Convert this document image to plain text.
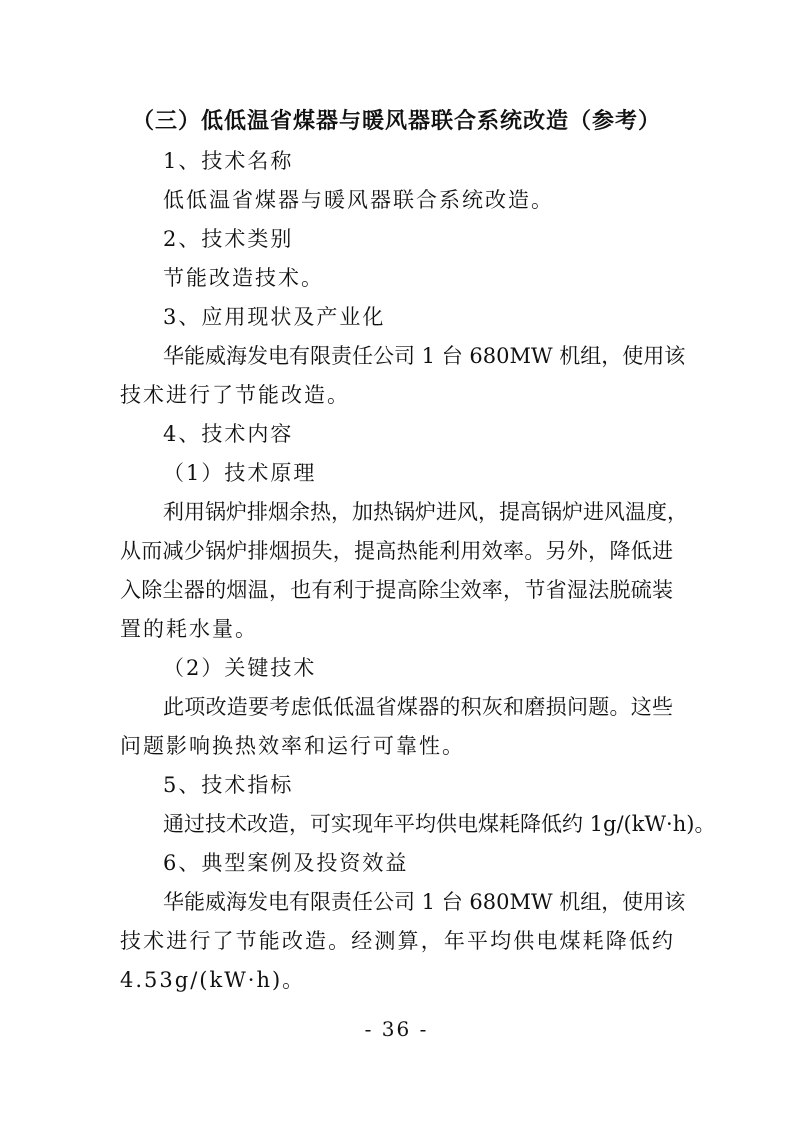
（三）低低温省煤器与暖风器联合系统改造（参考）
1、技术名称
低低温省煤器与暖风器联合系统改造。
2、技术类别
节能改造技术。
3、应用现状及产业化
华能威海发电有限责任公司 1 台 680MW 机组，使用该
技术进行了节能改造。
4、技术内容
（1）技术原理
利用锅炉排烟余热，加热锅炉进风，提高锅炉进风温度，
从而减少锅炉排烟损失，提高热能利用效率。另外，降低进
入除尘器的烟温，也有利于提高除尘效率，节省湿法脱硫装
置的耗水量。
（2）关键技术
此项改造要考虑低低温省煤器的积灰和磨损问题。这些
问题影响换热效率和运行可靠性。
5、技术指标
通过技术改造，可实现年平均供电煤耗降低约 1g/(kW·h)。
6、典型案例及投资效益
华能威海发电有限责任公司 1 台 680MW 机组，使用该
技术进行了节能改造。经测算，年平均供电煤耗降低约
4.53g/(kW·h)。
- 36 -
